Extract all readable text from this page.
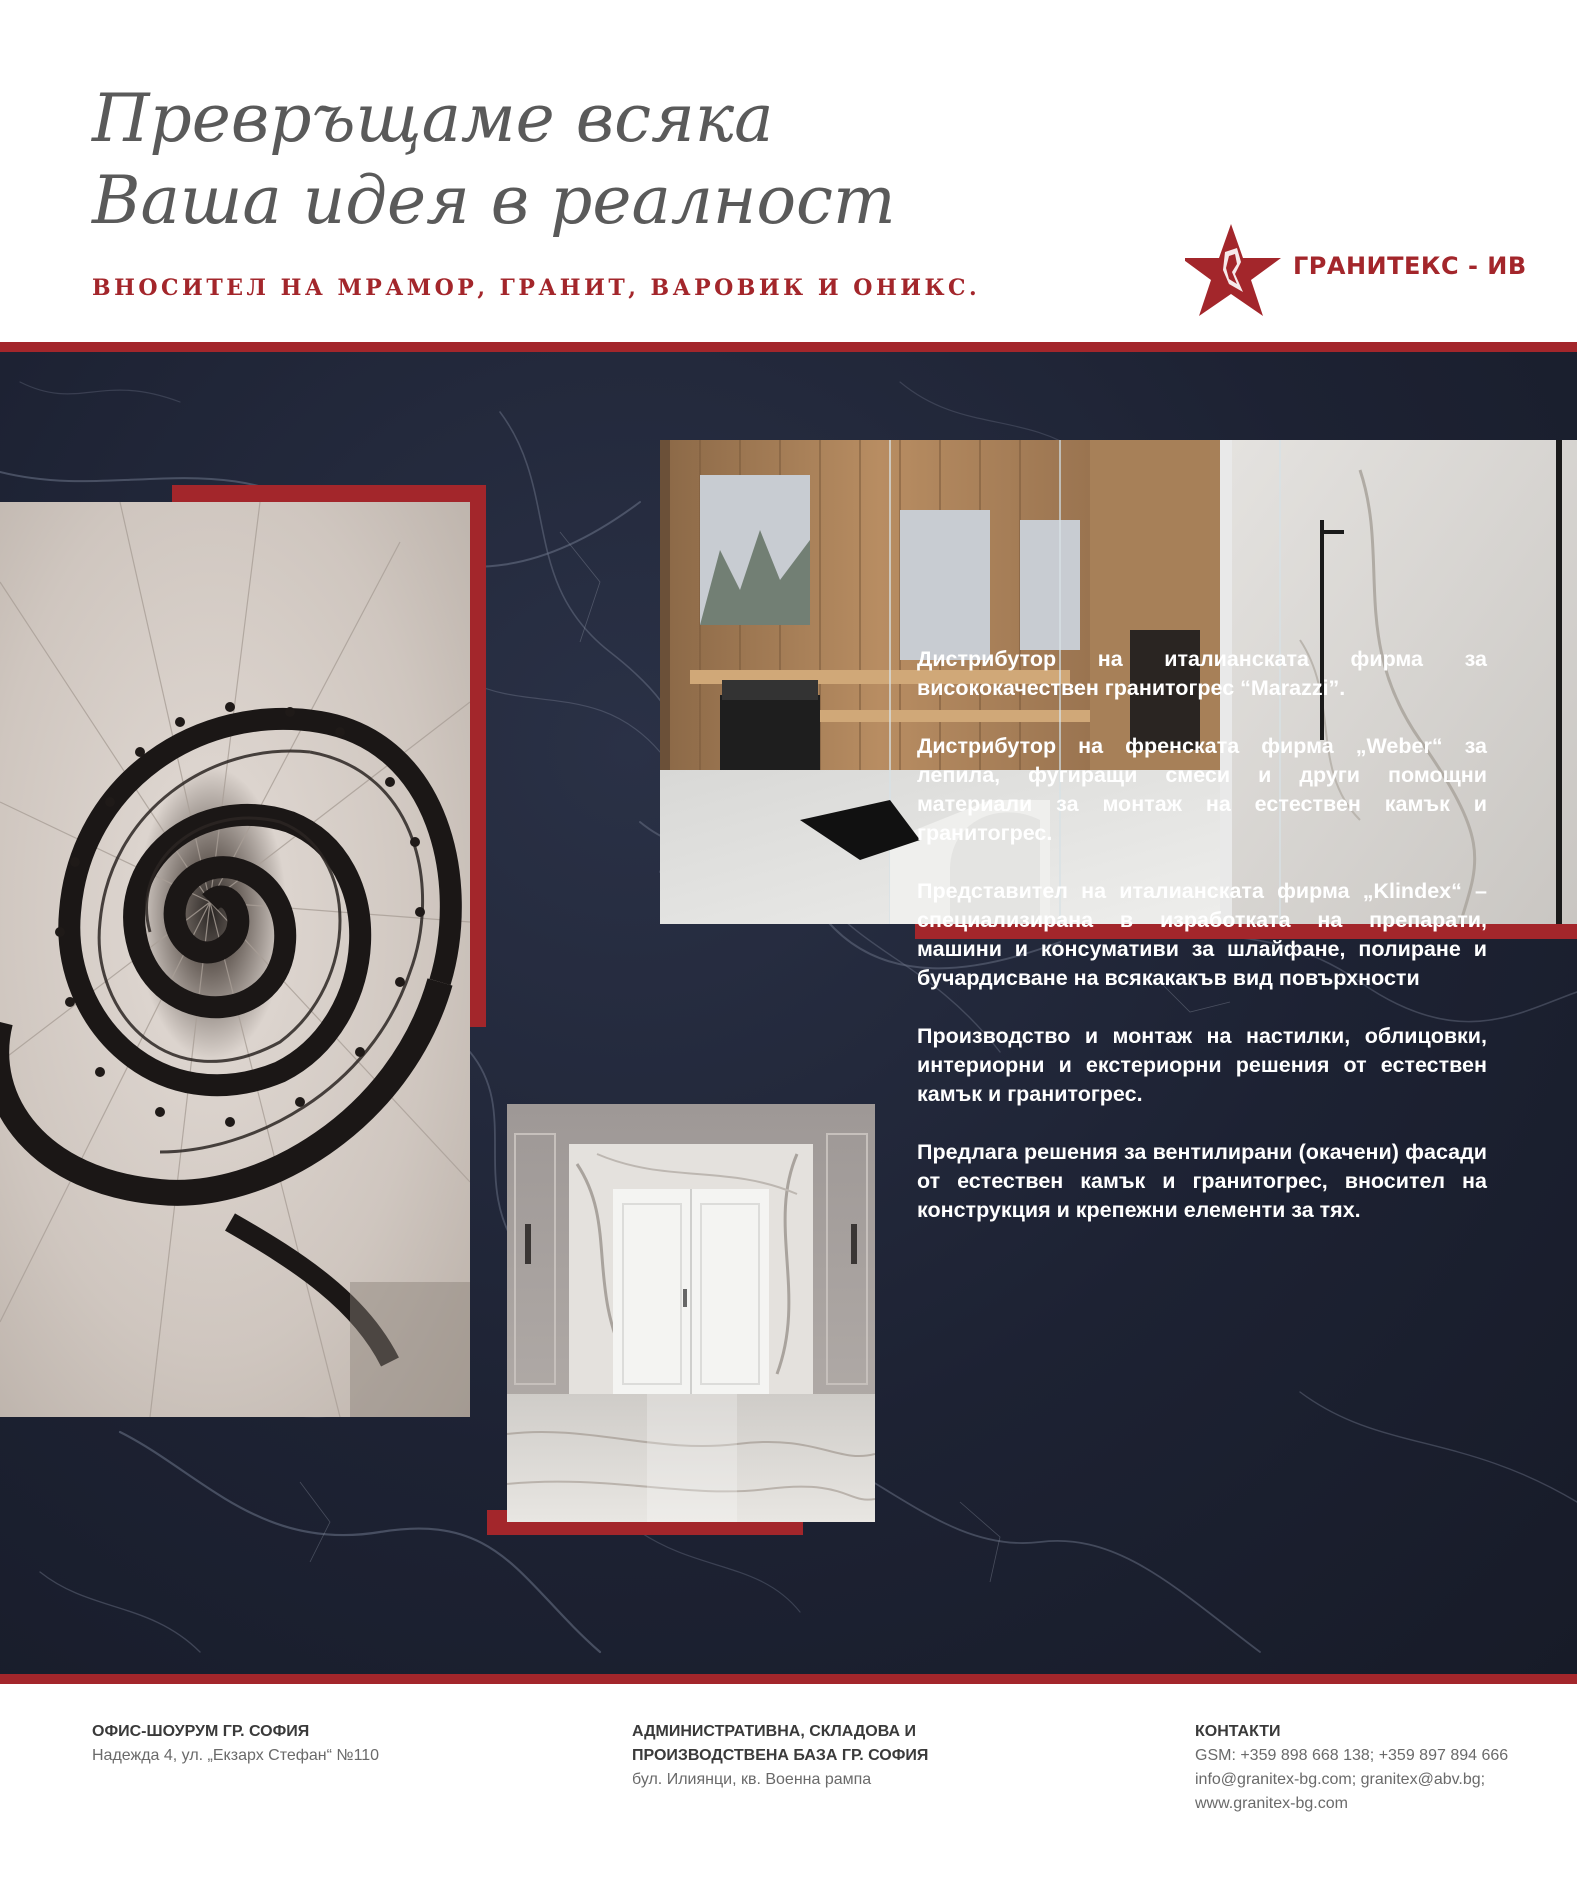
Превръщаме всяка
Ваша идея в реалност

ВНОСИТЕЛ НА МРАМОР, ГРАНИТ, ВАРОВИК И ОНИКС.

ГРАНИТЕКС - ИВ

Дистрибутор на италианската фирма за висококачествен гранитогрес “Marazzi”.

Дистрибутор на френската фирма „Weber“ за лепила, фугиращи смеси и други помощни материали за монтаж на естествен камък и гранитогрес.

Представител на италианската фирма „Klindex“ – специализирана в изработката на препарати, машини и консумативи за шлайфане, полиране и бучардисване на всякакакъв вид повърхности

Производство и монтаж на настилки, облицовки, интериорни и екстериорни решения от естествен камък и гранитогрес.

Предлага решения за вентилирани (окачени) фасади от естествен камък и гранитогрес, вносител на конструкция и крепежни елементи за тях.

ОФИС-ШОУРУМ ГР. СОФИЯ
Надежда 4, ул. „Екзарх Стефан“ №110
АДМИНИСТРАТИВНА, СКЛАДОВА И
ПРОИЗВОДСТВЕНА БАЗА ГР. СОФИЯ
бул. Илиянци, кв. Военна рампа
КОНТАКТИ
GSM: +359 898 668 138; +359 897 894 666
info@granitex-bg.com; granitex@abv.bg;
www.granitex-bg.com
